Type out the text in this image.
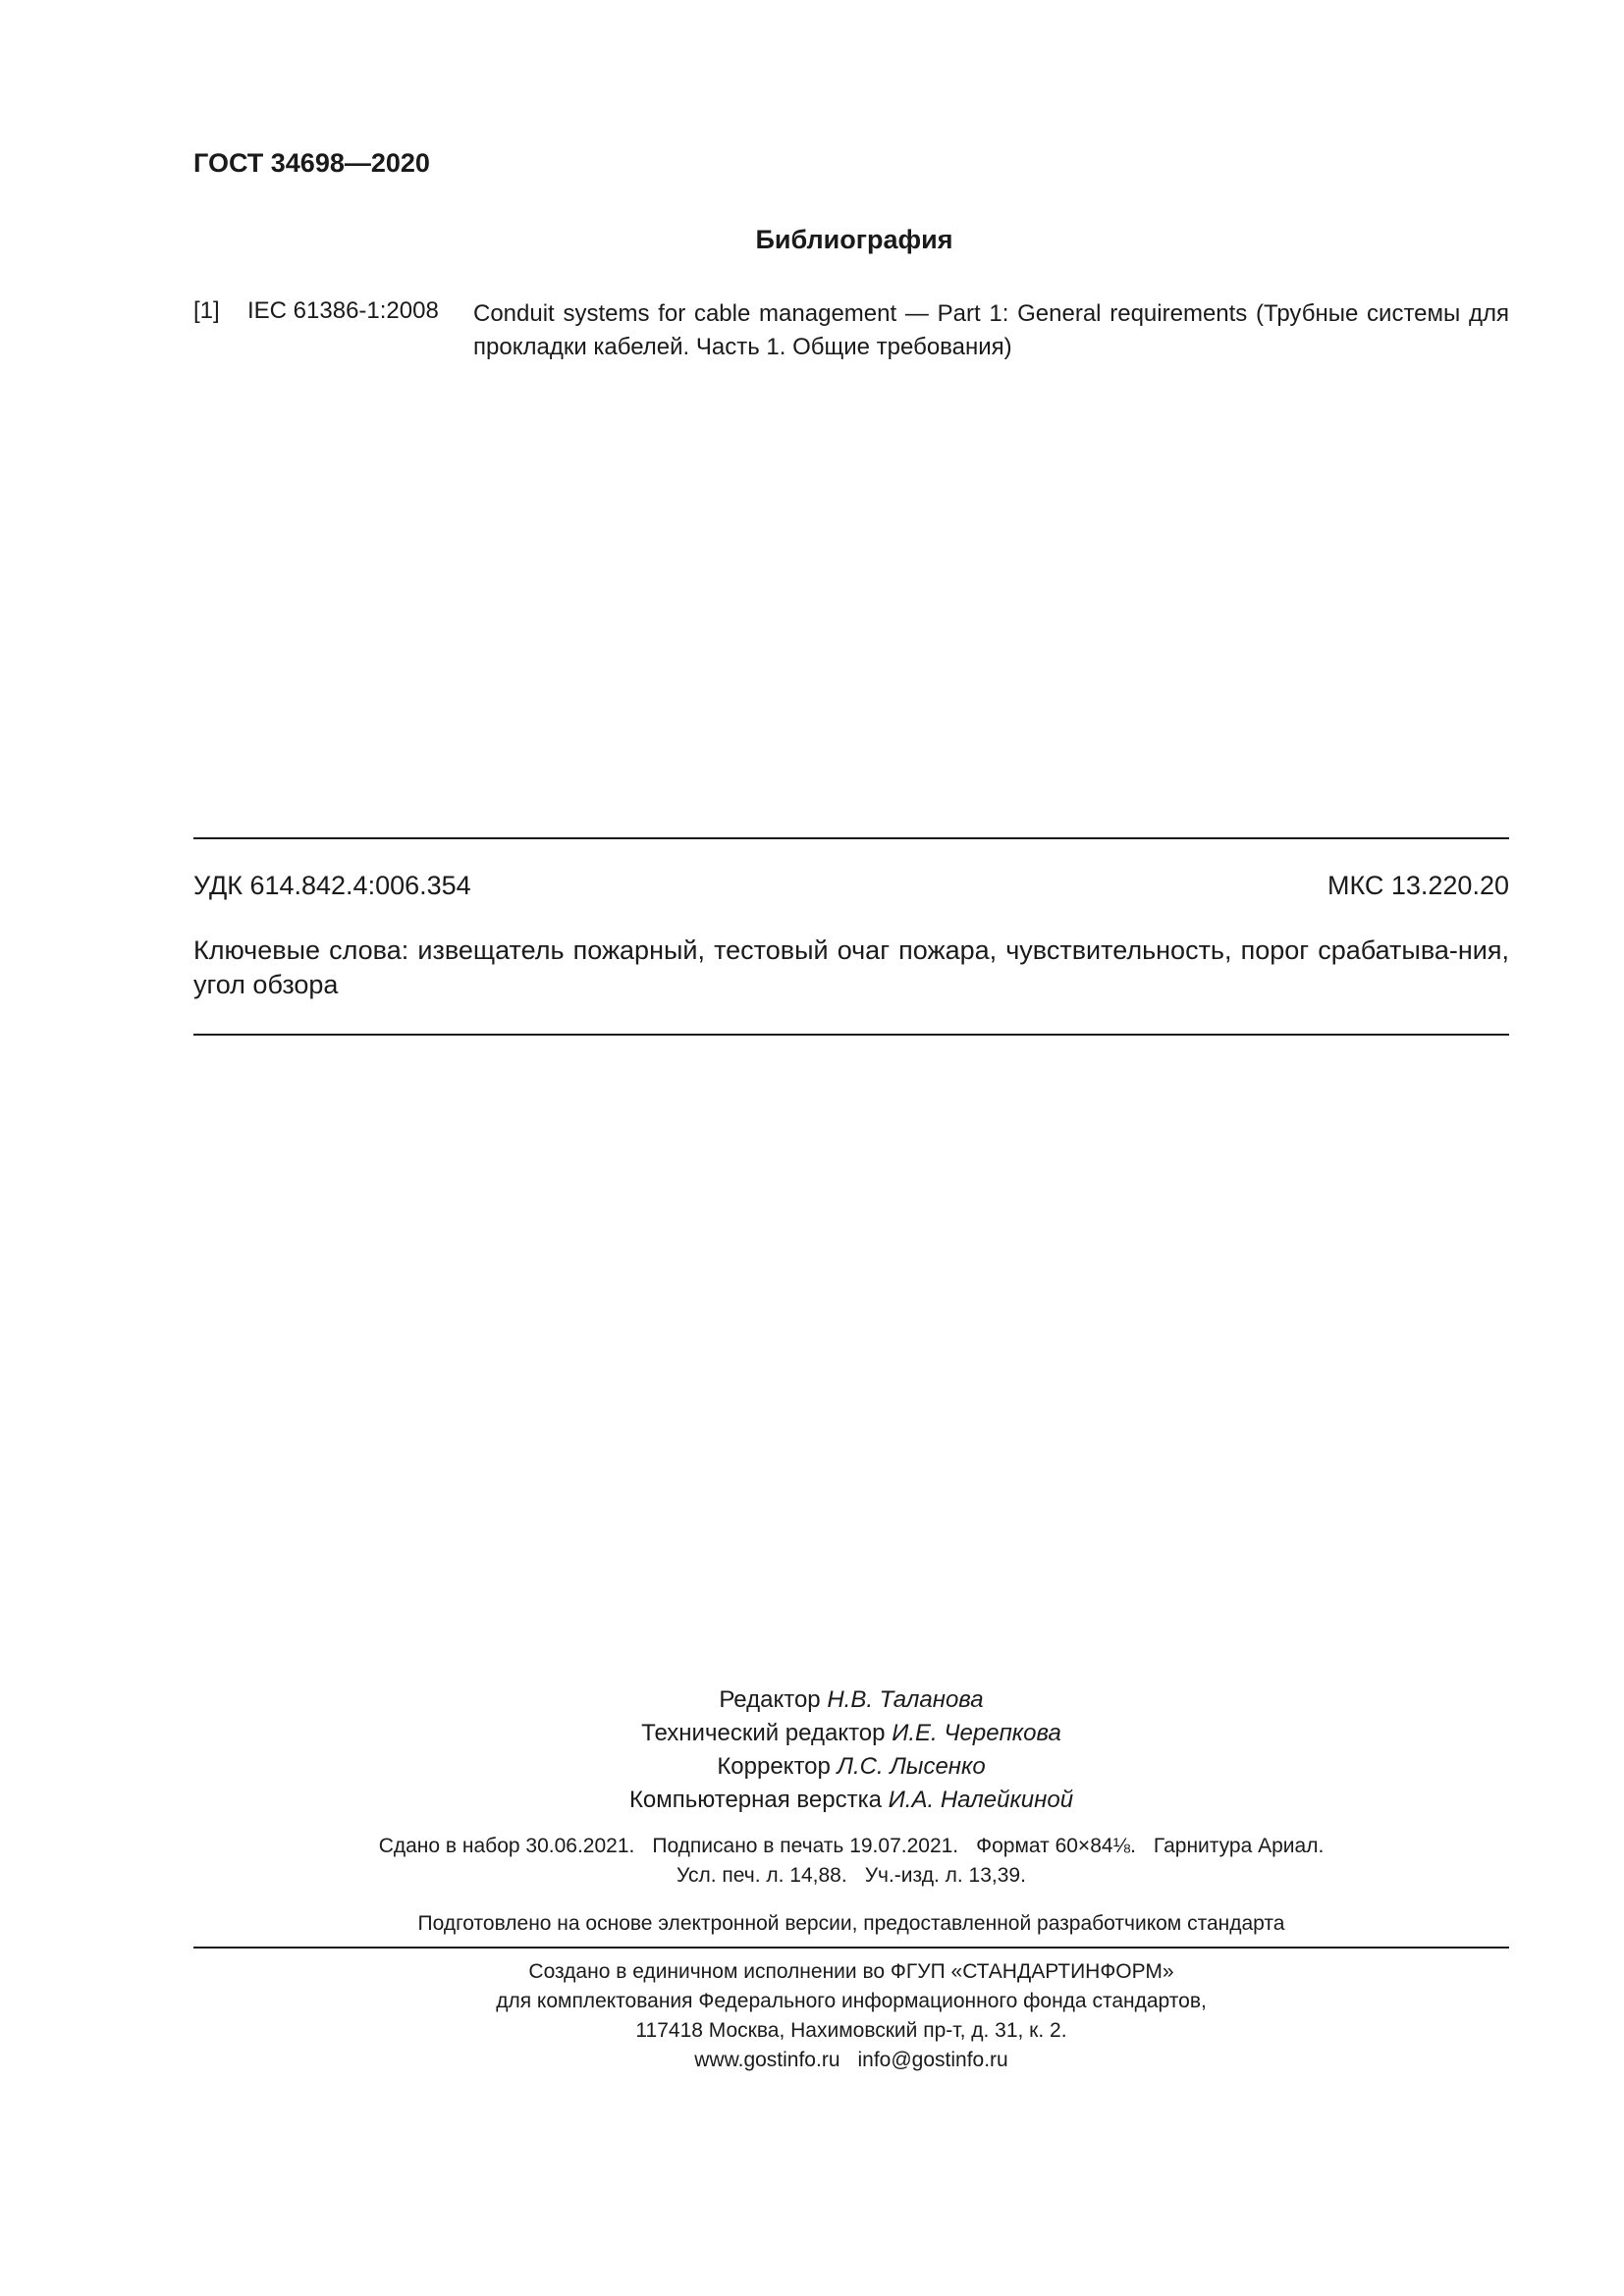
ГОСТ 34698—2020
Библиография
[1] IEC 61386-1:2008 Conduit systems for cable management — Part 1: General requirements (Трубные системы для прокладки кабелей. Часть 1. Общие требования)
УДК 614.842.4:006.354	МКС 13.220.20
Ключевые слова: извещатель пожарный, тестовый очаг пожара, чувствительность, порог срабатыва-ния, угол обзора
Редактор Н.В. Таланова
Технический редактор И.Е. Черепкова
Корректор Л.С. Лысенко
Компьютерная верстка И.А. Налейкиной
Сдано в набор 30.06.2021. Подписано в печать 19.07.2021. Формат 60×84⅛. Гарнитура Ариал.
Усл. печ. л. 14,88. Уч.-изд. л. 13,39.
Подготовлено на основе электронной версии, предоставленной разработчиком стандарта
Создано в единичном исполнении во ФГУП «СТАНДАРТИНФОРМ»
для комплектования Федерального информационного фонда стандартов,
117418 Москва, Нахимовский пр-т, д. 31, к. 2.
www.gostinfo.ru info@gostinfo.ru
